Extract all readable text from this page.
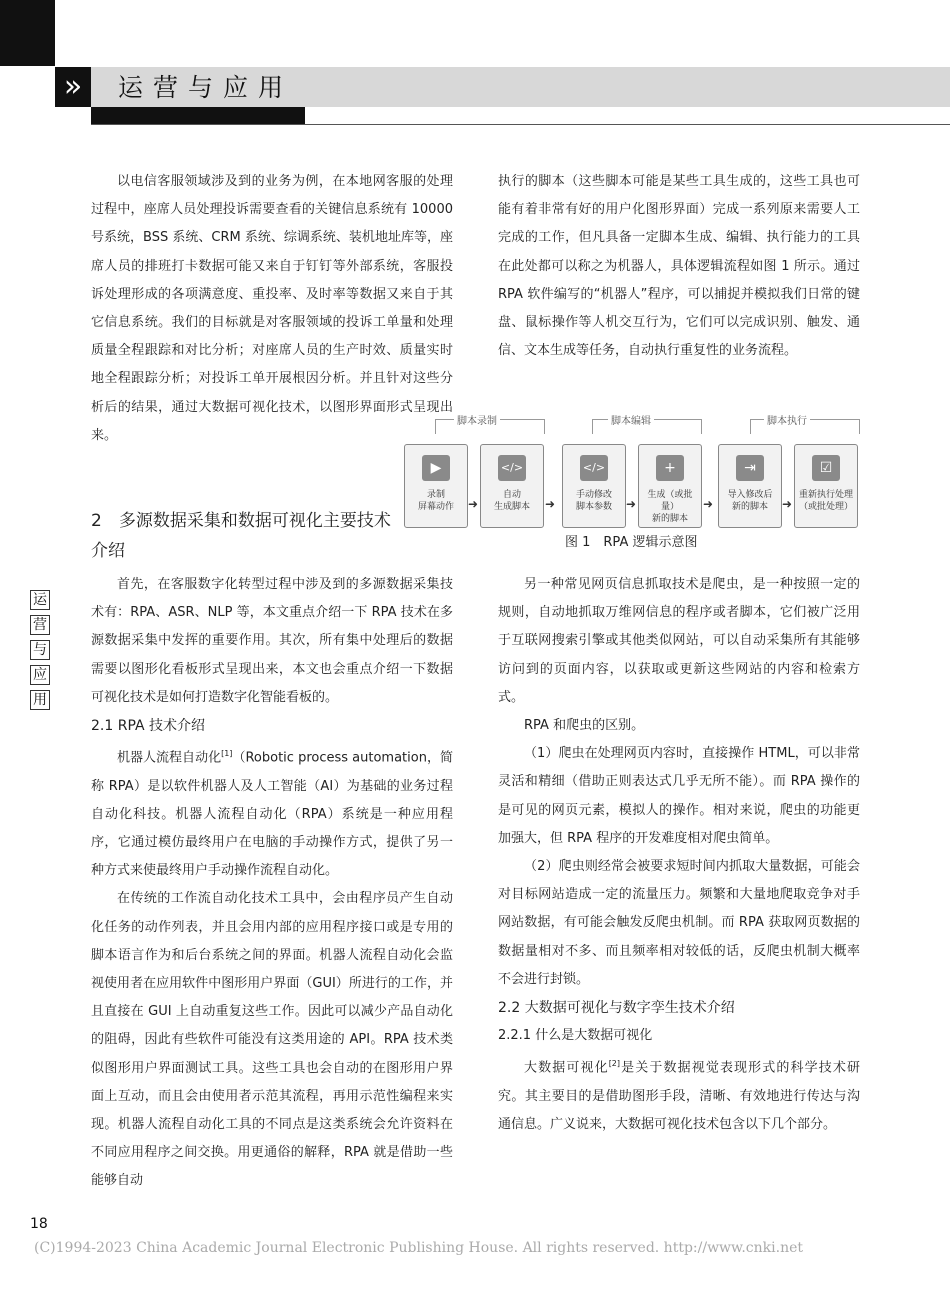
»	运营与应用
运
营
与
应
用

以电信客服领域涉及到的业务为例，在本地网客服的处理过程中，座席人员处理投诉需要查看的关键信息系统有 10000 号系统，BSS 系统、CRM 系统、综调系统、装机地址库等，座席人员的排班打卡数据可能又来自于钉钉等外部系统，客服投诉处理形成的各项满意度、重投率、及时率等数据又来自于其它信息系统。我们的目标就是对客服领域的投诉工单量和处理质量全程跟踪和对比分析；对座席人员的生产时效、质量实时地全程跟踪分析；对投诉工单开展根因分析。并且针对这些分析后的结果，通过大数据可视化技术，以图形界面形式呈现出来。

2　多源数据采集和数据可视化主要技术介绍

执行的脚本（这些脚本可能是某些工具生成的，这些工具也可能有着非常有好的用户化图形界面）完成一系列原来需要人工完成的工作，但凡具备一定脚本生成、编辑、执行能力的工具在此处都可以称之为机器人，具体逻辑流程如图 1 所示。通过 RPA 软件编写的“机器人”程序，可以捕捉并模拟我们日常的键盘、鼠标操作等人机交互行为，它们可以完成识别、触发、通信、文本生成等任务，自动执行重复性的业务流程。

脚本录制	脚本编辑	脚本执行
▶
录制
屏幕动作	➜
</>
自动
生成脚本	➜
</>
手动修改
脚本参数	➜
+
生成（或批量）
新的脚本
➜
⇥
导入修改后
新的脚本	➜
☑
重新执行处理
（或批处理）
图 1　RPA 逻辑示意图

首先，在客服数字化转型过程中涉及到的多源数据采集技术有：RPA、ASR、NLP 等，本文重点介绍一下 RPA 技术在多源数据采集中发挥的重要作用。其次，所有集中处理后的数据需要以图形化看板形式呈现出来，本文也会重点介绍一下数据可视化技术是如何打造数字化智能看板的。

2.1 RPA 技术介绍

机器人流程自动化[1]（Robotic process automation，简称 RPA）是以软件机器人及人工智能（AI）为基础的业务过程自动化科技。机器人流程自动化（RPA）系统是一种应用程序，它通过模仿最终用户在电脑的手动操作方式，提供了另一种方式来使最终用户手动操作流程自动化。

在传统的工作流自动化技术工具中，会由程序员产生自动化任务的动作列表，并且会用内部的应用程序接口或是专用的脚本语言作为和后台系统之间的界面。机器人流程自动化会监视使用者在应用软件中图形用户界面（GUI）所进行的工作，并且直接在 GUI 上自动重复这些工作。因此可以减少产品自动化的阻碍，因此有些软件可能没有这类用途的 API。RPA 技术类似图形用户界面测试工具。这些工具也会自动的在图形用户界面上互动，而且会由使用者示范其流程，再用示范性编程来实现。机器人流程自动化工具的不同点是这类系统会允许资料在不同应用程序之间交换。用更通俗的解释，RPA 就是借助一些能够自动

另一种常见网页信息抓取技术是爬虫，是一种按照一定的规则，自动地抓取万维网信息的程序或者脚本，它们被广泛用于互联网搜索引擎或其他类似网站，可以自动采集所有其能够访问到的页面内容，以获取或更新这些网站的内容和检索方式。

RPA 和爬虫的区别。

（1）爬虫在处理网页内容时，直接操作 HTML，可以非常灵活和精细（借助正则表达式几乎无所不能）。而 RPA 操作的是可见的网页元素，模拟人的操作。相对来说，爬虫的功能更加强大，但 RPA 程序的开发难度相对爬虫简单。

（2）爬虫则经常会被要求短时间内抓取大量数据，可能会对目标网站造成一定的流量压力。频繁和大量地爬取竞争对手网站数据，有可能会触发反爬虫机制。而 RPA 获取网页数据的数据量相对不多、而且频率相对较低的话，反爬虫机制大概率不会进行封锁。

2.2 大数据可视化与数字孪生技术介绍
2.2.1 什么是大数据可视化

大数据可视化[2]是关于数据视觉表现形式的科学技术研究。其主要目的是借助图形手段，清晰、有效地进行传达与沟通信息。广义说来，大数据可视化技术包含以下几个部分。

18
(C)1994-2023 China Academic Journal Electronic Publishing House. All rights reserved. http://www.cnki.net
